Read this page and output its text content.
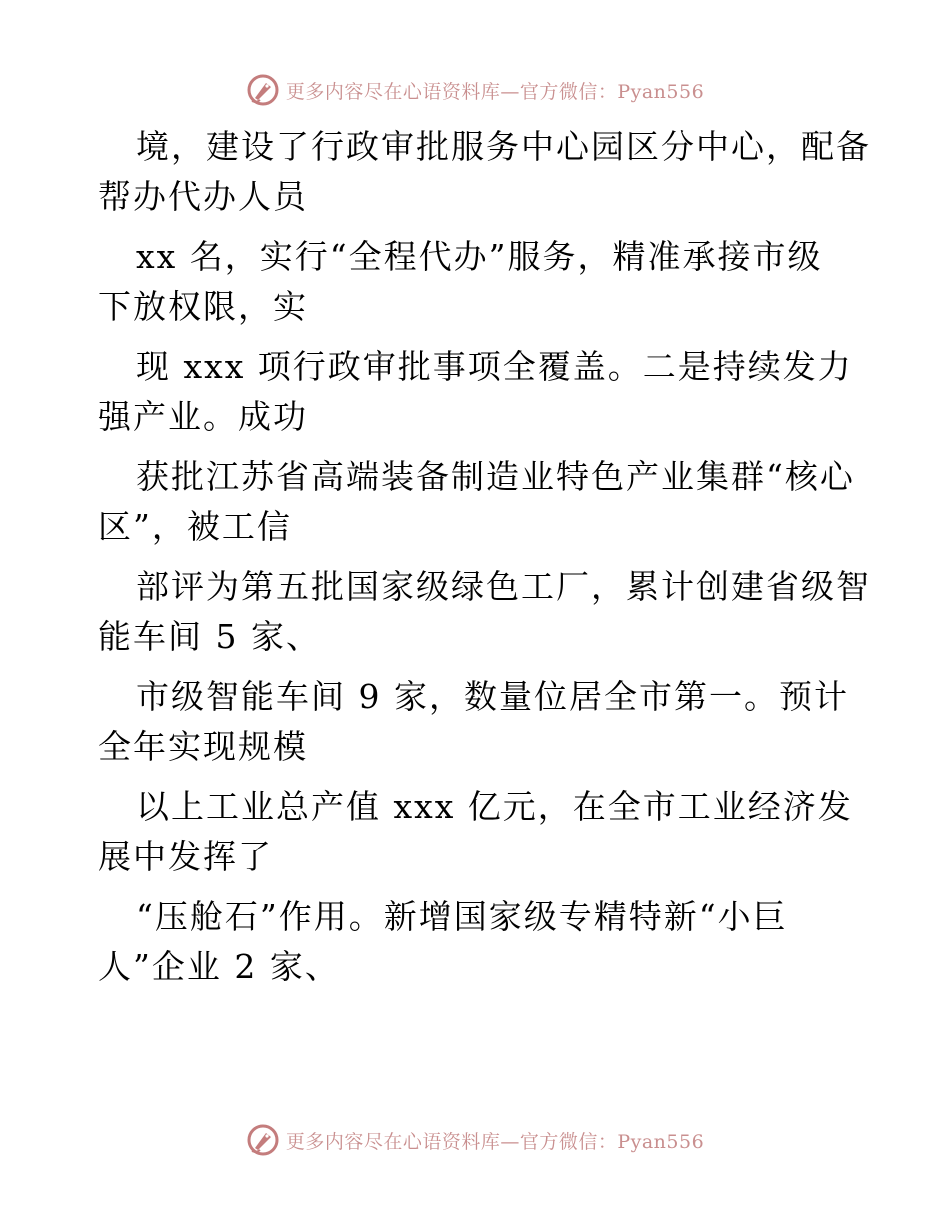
更多内容尽在心语资料库—官方微信：Pyan556
境，建设了行政审批服务中心园区分中心，配备
帮办代办人员
xx 名，实行“全程代办”服务，精准承接市级
下放权限，实
现 xxx 项行政审批事项全覆盖。二是持续发力
强产业。成功
获批江苏省高端装备制造业特色产业集群“核心
区”，被工信
部评为第五批国家级绿色工厂，累计创建省级智
能车间 5 家、
市级智能车间 9 家，数量位居全市第一。预计
全年实现规模
以上工业总产值 xxx 亿元，在全市工业经济发
展中发挥了
“压舱石”作用。新增国家级专精特新“小巨
人”企业 2 家、
更多内容尽在心语资料库—官方微信：Pyan556
